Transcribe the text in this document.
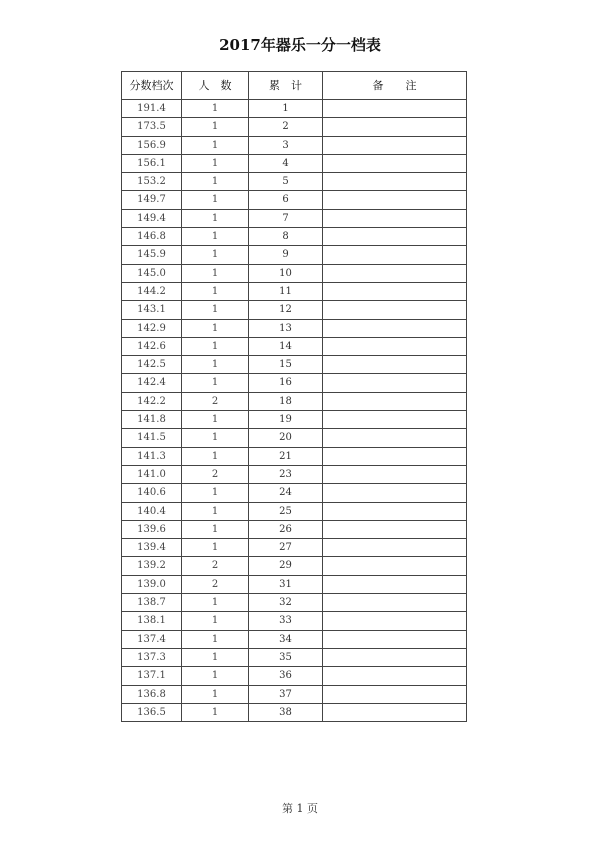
2017年器乐一分一档表
分数档次	人　数	累　计	备　　注
191.4	1	1	
173.5	1	2	
156.9	1	3	
156.1	1	4	
153.2	1	5	
149.7	1	6	
149.4	1	7	
146.8	1	8	
145.9	1	9	
145.0	1	10	
144.2	1	11	
143.1	1	12	
142.9	1	13	
142.6	1	14	
142.5	1	15	
142.4	1	16	
142.2	2	18	
141.8	1	19	
141.5	1	20	
141.3	1	21	
141.0	2	23	
140.6	1	24	
140.4	1	25	
139.6	1	26	
139.4	1	27	
139.2	2	29	
139.0	2	31	
138.7	1	32	
138.1	1	33	
137.4	1	34	
137.3	1	35	
137.1	1	36	
136.8	1	37	
136.5	1	38	
第 1 页
